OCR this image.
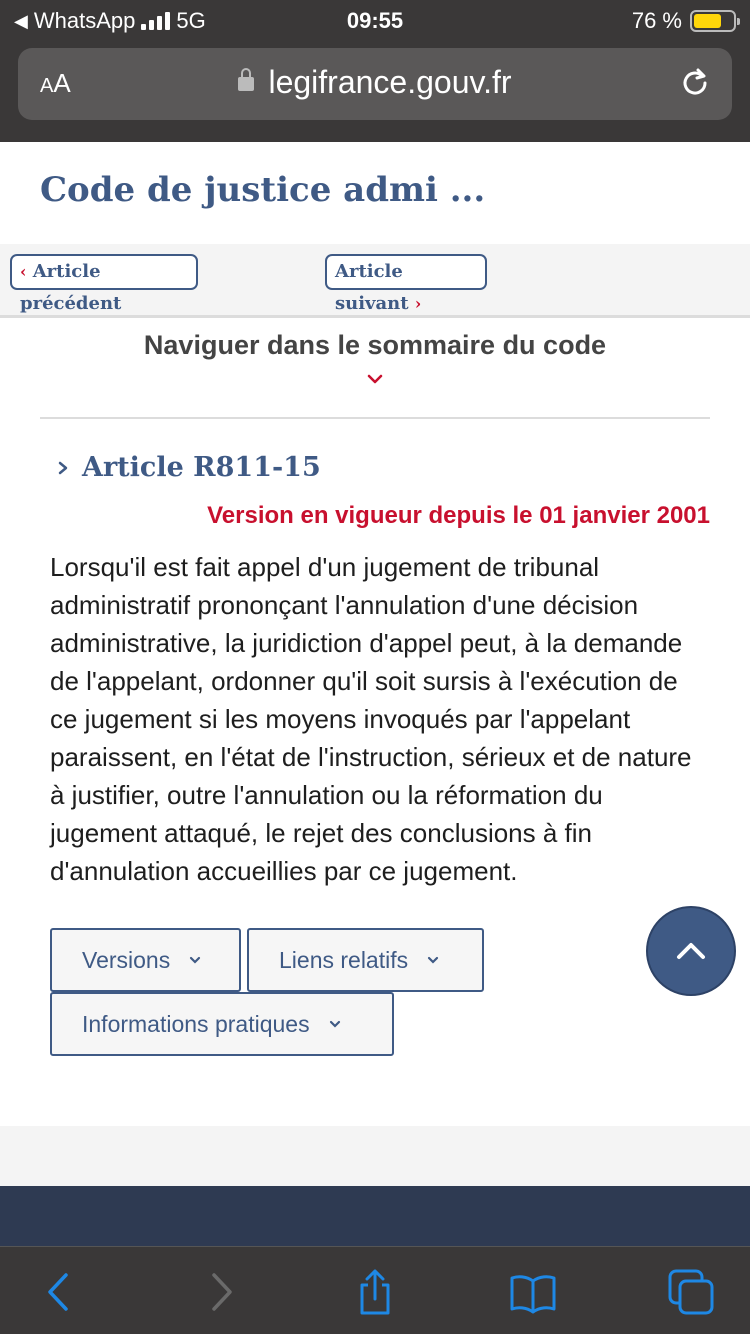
◀ WhatsApp 5G	09:55	76 %
AA	legifrance.gouv.fr
Code de justice admi ...
‹ Article précédent
Article suivant ›
Naviguer dans le sommaire du code
Article R811-15
Version en vigueur depuis le 01 janvier 2001
Lorsqu'il est fait appel d'un jugement de tribunal administratif prononçant l'annulation d'une décision administrative, la juridiction d'appel peut, à la demande de l'appelant, ordonner qu'il soit sursis à l'exécution de ce jugement si les moyens invoqués par l'appelant paraissent, en l'état de l'instruction, sérieux et de nature à justifier, outre l'annulation ou la réformation du jugement attaqué, le rejet des conclusions à fin d'annulation accueillies par ce jugement.
Versions	Liens relatifs
Informations pratiques
